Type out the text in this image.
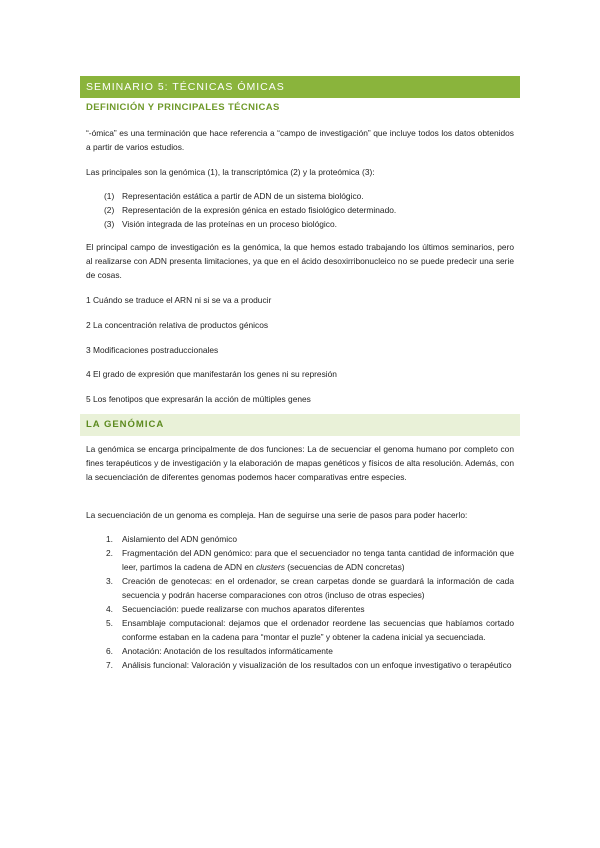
SEMINARIO 5: TÉCNICAS ÓMICAS
DEFINICIÓN Y PRINCIPALES TÉCNICAS
“-ómica” es una terminación que hace referencia a “campo de investigación” que incluye todos los datos obtenidos a partir de varios estudios.
Las principales son la genómica (1), la transcriptómica (2) y la proteómica (3):
(1) Representación estática a partir de ADN de un sistema biológico.
(2) Representación de la expresión génica en estado fisiológico determinado.
(3) Visión integrada de las proteínas en un proceso biológico.
El principal campo de investigación es la genómica, la que hemos estado trabajando los últimos seminarios, pero al realizarse con ADN presenta limitaciones, ya que en el ácido desoxirribonucleico no se puede predecir una serie de cosas.
1 Cuándo se traduce el ARN ni si se va a producir
2 La concentración relativa de productos génicos
3 Modificaciones postraduccionales
4 El grado de expresión que manifestarán los genes ni su represión
5 Los fenotipos que expresarán la acción de múltiples genes
LA GENÓMICA
La genómica se encarga principalmente de dos funciones: La de secuenciar el genoma humano por completo con fines terapéuticos y de investigación y la elaboración de mapas genéticos y físicos de alta resolución. Además, con la secuenciación de diferentes genomas podemos hacer comparativas entre especies.
La secuenciación de un genoma es compleja. Han de seguirse una serie de pasos para poder hacerlo:
1. Aislamiento del ADN genómico
2. Fragmentación del ADN genómico: para que el secuenciador no tenga tanta cantidad de información que leer, partimos la cadena de ADN en clusters (secuencias de ADN concretas)
3. Creación de genotecas: en el ordenador, se crean carpetas donde se guardará la información de cada secuencia y podrán hacerse comparaciones con otros (incluso de otras especies)
4. Secuenciación: puede realizarse con muchos aparatos diferentes
5. Ensamblaje computacional: dejamos que el ordenador reordene las secuencias que habíamos cortado conforme estaban en la cadena para “montar el puzle” y obtener la cadena inicial ya secuenciada.
6. Anotación: Anotación de los resultados informáticamente
7. Análisis funcional: Valoración y visualización de los resultados con un enfoque investigativo o terapéutico
